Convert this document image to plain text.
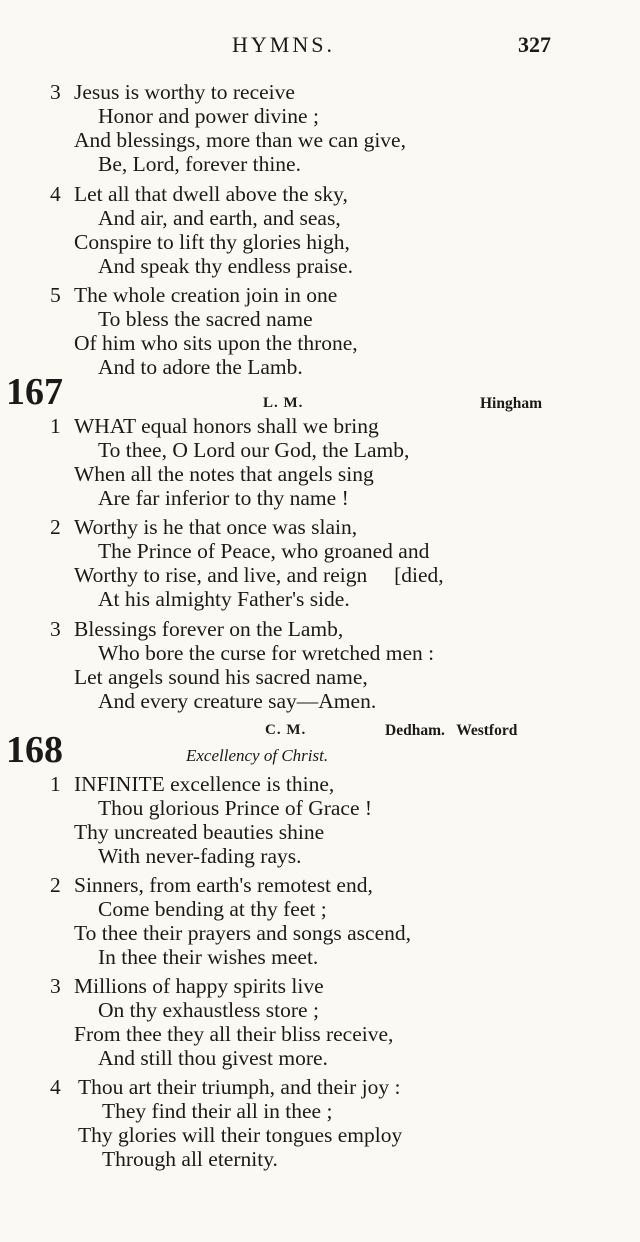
HYMNS.	327
3 Jesus is worthy to receive
Honor and power divine ;
And blessings, more than we can give,
Be, Lord, forever thine.
4 Let all that dwell above the sky,
And air, and earth, and seas,
Conspire to lift thy glories high,
And speak thy endless praise.
5 The whole creation join in one
To bless the sacred name
Of him who sits upon the throne,
And to adore the Lamb.
167	L. M.	Hingham
1 WHAT equal honors shall we bring
To thee, O Lord our God, the Lamb,
When all the notes that angels sing
Are far inferior to thy name !
2 Worthy is he that once was slain,
The Prince of Peace, who groaned and
Worthy to rise, and live, and reign     [died,
At his almighty Father's side.
3 Blessings forever on the Lamb,
Who bore the curse for wretched men :
Let angels sound his sacred name,
And every creature say—Amen.
C. M.	Dedham.   Westford
168	Excellency of Christ.
1 INFINITE excellence is thine,
Thou glorious Prince of Grace !
Thy uncreated beauties shine
With never-fading rays.
2 Sinners, from earth's remotest end,
Come bending at thy feet ;
To thee their prayers and songs ascend,
In thee their wishes meet.
3 Millions of happy spirits live
On thy exhaustless store ;
From thee they all their bliss receive,
And still thou givest more.
4 Thou art their triumph, and their joy :
They find their all in thee ;
Thy glories will their tongues employ
Through all eternity.
